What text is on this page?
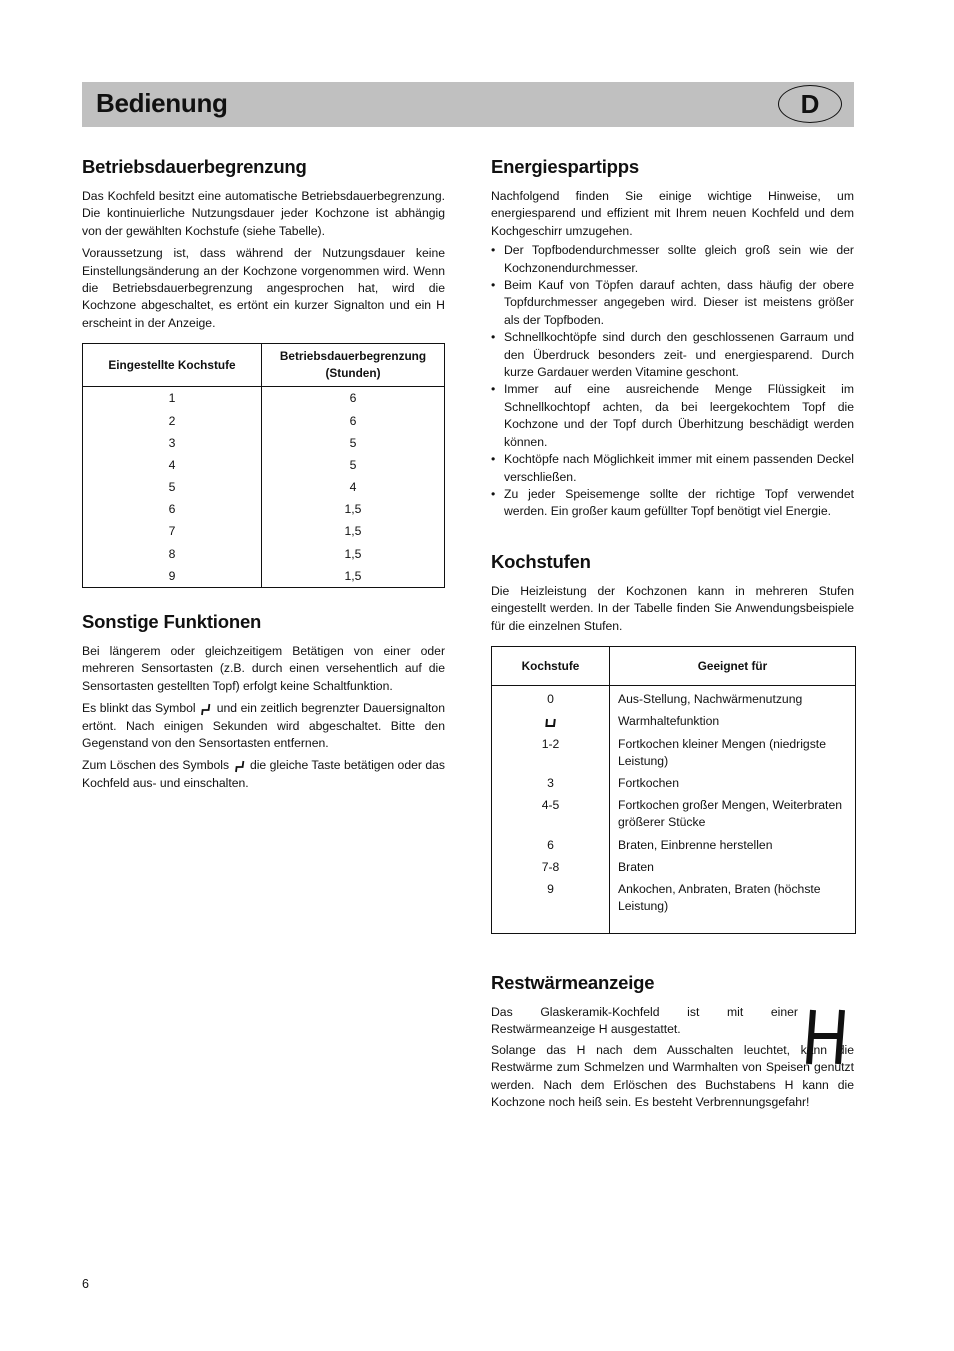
Bedienung	D
Betriebsdauerbegrenzung

Das Kochfeld besitzt eine automatische Betriebsdauerbegrenzung. Die kontinuierliche Nutzungsdauer jeder Kochzone ist abhängig von der gewählten Kochstufe (siehe Tabelle).

Voraussetzung ist, dass während der Nutzungsdauer keine Einstellungsänderung an der Kochzone vorgenommen wird. Wenn die Betriebsdauerbegrenzung angesprochen hat, wird die Kochzone abgeschaltet, es ertönt ein kurzer Signalton und ein H erscheint in der Anzeige.

Eingestellte Kochstufe	Betriebsdauerbegrenzung (Stunden)
1	6
2	6
3	5
4	5
5	4
6	1,5
7	1,5
8	1,5
9	1,5
Sonstige Funktionen

Bei längerem oder gleichzeitigem Betätigen von einer oder mehreren Sensortasten (z.B. durch einen versehentlich auf die Sensortasten gestellten Topf) erfolgt keine Schaltfunktion.

Es blinkt das Symbol und ein zeitlich begrenzter Dauersignalton ertönt. Nach einigen Sekunden wird abgeschaltet. Bitte den Gegenstand von den Sensortasten entfernen.

Zum Löschen des Symbols die gleiche Taste betätigen oder das Kochfeld aus- und einschalten.

Energiespartipps

Nachfolgend finden Sie einige wichtige Hinweise, um energiesparend und effizient mit Ihrem neuen Kochfeld und dem Kochgeschirr umzugehen.

• Der Topfbodendurchmesser sollte gleich groß sein wie der Kochzonendurchmesser.
• Beim Kauf von Töpfen darauf achten, dass häufig der obere Topfdurchmesser angegeben wird. Dieser ist meistens größer als der Topfboden.
• Schnellkochtöpfe sind durch den geschlossenen Garraum und den Überdruck besonders zeit- und energiesparend. Durch kurze Gardauer werden Vitamine geschont.
• Immer auf eine ausreichende Menge Flüssigkeit im Schnellkochtopf achten, da bei leergekochtem Topf die Kochzone und der Topf durch Überhitzung beschädigt werden können.
• Kochtöpfe nach Möglichkeit immer mit einem passenden Deckel verschließen.
• Zu jeder Speisemenge sollte der richtige Topf verwendet werden. Ein großer kaum gefüllter Topf benötigt viel Energie.
Kochstufen

Die Heizleistung der Kochzonen kann in mehreren Stufen eingestellt werden. In der Tabelle finden Sie Anwendungsbeispiele für die einzelnen Stufen.

Kochstufe	Geeignet für
0	Aus-Stellung, Nachwärmenutzung
	Warmhaltefunktion
1-2	Fortkochen kleiner Mengen (niedrigste Leistung)
3	Fortkochen
4-5	Fortkochen großer Mengen, Weiterbraten größerer Stücke
6	Braten, Einbrenne herstellen
7-8	Braten
9	Ankochen, Anbraten, Braten (höchste Leistung)
Restwärmeanzeige

Das Glaskeramik-Kochfeld ist mit einer Restwärmeanzeige H ausgestattet.

Solange das H nach dem Ausschalten leuchtet, kann die Restwärme zum Schmelzen und Warmhalten von Speisen genutzt werden. Nach dem Erlöschen des Buchstabens H kann die Kochzone noch heiß sein. Es besteht Verbrennungsgefahr!

6
